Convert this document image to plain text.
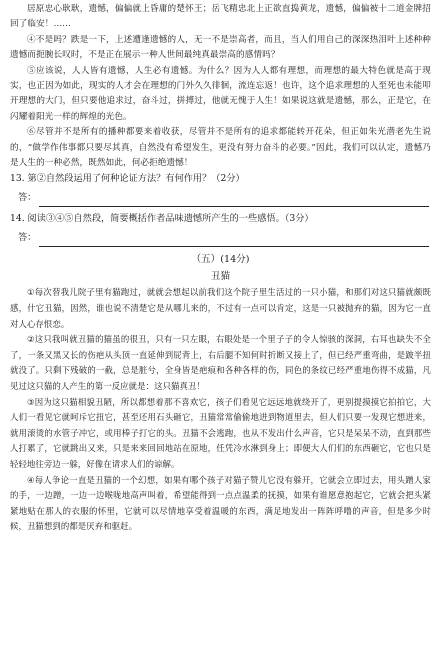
居原忠心耿耿，遗憾，偏偏就上昏庸的楚怀王；岳飞精忠北上正欲直捣黄龙，遗憾，偏偏被十二道金牌招回了临安！……

④不是吗？跌是一下，上述遭逢遗憾的人，无一不是崇高者，而且，当人们用自己的深深热泪叶上述种种遗憾而扼腕长叹时，不是正在展示一种人世间最纯真最崇高的感情吗？

⑤应该说，人人皆有遗憾，人生必有遗憾。为什么？因为人人都有理想，而理想的最大特色就是高于现实，也正因为如此，现实的人才会在理想的门外久久徘徊，流连忘返！也许，这个追求理想的人至死也未能叩开理想的大门，但只要他追求过，奋斗过，拼搏过，他就无愧于人生！如果说这就是遗憾，那么，正是它，在闪耀着阳光一样的辉煌的光色。

⑥尽管并不是所有的播种都要来着收获，尽管并不是所有的追求都能转开花朵，但正如朱光潜老先生说的，“做学作伟事都只要尽其真，自然没有希望发生，更没有努力奋斗的必要。”因此，我们可以认定，遗憾乃是人生的一种必然，既然如此，何必拒绝遗憾！

13. 第②自然段运用了何种论证方法？有何作用？（2分）

答：

14. 阅读③④⑤自然段，简要概括作者品味遗憾所产生的一些感悟。（3分）

答：
（五）(14分)
丑猫

①每次替我儿院子里有猫跑过，就就会想起以前我们这个院子里生活过的一只小猫，和那们对这只猫就颇既感，什它丑猫，因然，谁也说不清楚它是从哪儿来的，不过有一点可以肯定，这是一只被抛弃的猫，因为它一直对人心存恨恋。

②这只我叫就丑猫的猫虽的很丑，只有一只左眼，右眼处是一个里子子的令人惊骇的深洞，右耳也缺失不全了，一条又黑又长的伤疤从头顶一直延伸到屁背上，右后腿不知何时折断又接上了，但已经严重弯曲，是跛半扭就没了。只剩下残破的一截，总是脏兮，全身皆是疤痕和各种各样的伤，同色的条纹已经严重地伤得不成猫，凡见过这只猫的人产生的第一反应就是：这只猫真丑！

③因为这只猫相貌丑陋，所以都想着那不喜欢它，孩子们看见它远远地就绕开了，更别提摸摸它拍拍它，大人们一看见它就呵斥它扭它，甚至还用石头砸它，丑猫常常偷偷地进到物道里去，但人们只要一发现它想进来，就用滚烫的水管子冲它，或用棒子打它的头。丑猫不会逃跑，也从不发出什么声音，它只是呆呆不动，直到那些人打累了，它就跳出又来，只是来来回回地站在原地，任凭冷水淋到身上；即便大人们们的东西砸它，它也只是轻轻地往旁边一躲，好像在请求人们的谅解。

④每人争论一直是丑猫的一个幻想，如果有哪个孩子对猫子赞儿它没有躲开，它就会立即过去，用头蹭人家的手，一边蹭，一边一边喉咙地高声叫着，希望能得到一点点温柔的抚摸，如果有谁愿意抱起它，它就会把头紧紧地贴在那人的衣服的怀里，它就可以尽情地享受着温暖的东西，满足地发出一阵阵呼噜的声音，但是多少时候，丑猫想到的都是厌弃和驱赶。
